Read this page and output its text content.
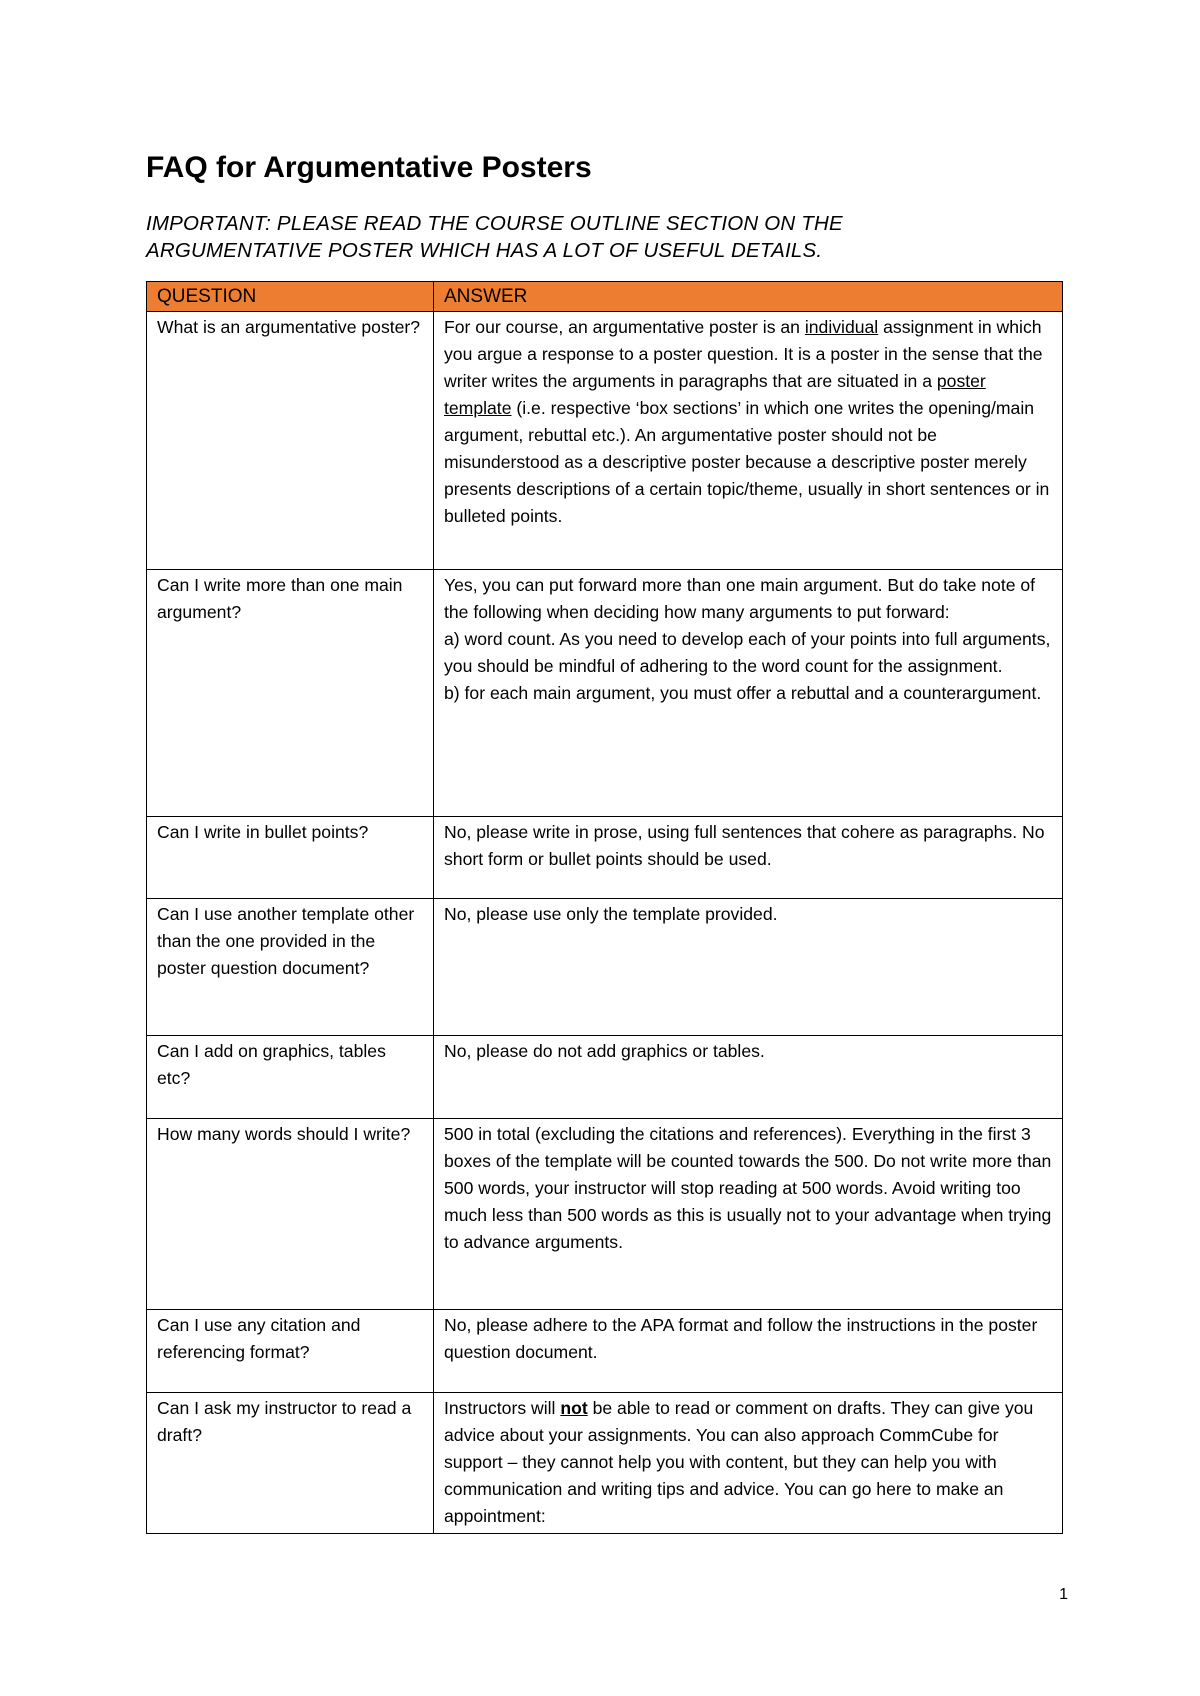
FAQ for Argumentative Posters

IMPORTANT: PLEASE READ THE COURSE OUTLINE SECTION ON THE
ARGUMENTATIVE POSTER WHICH HAS A LOT OF USEFUL DETAILS.

QUESTION	ANSWER
What is an argumentative poster?	For our course, an argumentative poster is an individual assignment in which you argue a response to a poster question. It is a poster in the sense that the writer writes the arguments in paragraphs that are situated in a poster template (i.e. respective ‘box sections’ in which one writes the opening/main argument, rebuttal etc.). An argumentative poster should not be misunderstood as a descriptive poster because a descriptive poster merely presents descriptions of a certain topic/theme, usually in short sentences or in bulleted points.
Can I write more than one main argument?	Yes, you can put forward more than one main argument. But do take note of the following when deciding how many arguments to put forward:
a) word count. As you need to develop each of your points into full arguments, you should be mindful of adhering to the word count for the assignment.
b) for each main argument, you must offer a rebuttal and a counterargument.

Can I write in bullet points?	No, please write in prose, using full sentences that cohere as paragraphs. No short form or bullet points should be used.
Can I use another template other than the one provided in the poster question document?	No, please use only the template provided.
Can I add on graphics, tables etc?	No, please do not add graphics or tables.
How many words should I write?	500 in total (excluding the citations and references). Everything in the first 3 boxes of the template will be counted towards the 500. Do not write more than 500 words, your instructor will stop reading at 500 words. Avoid writing too much less than 500 words as this is usually not to your advantage when trying to advance arguments.
Can I use any citation and referencing format?	No, please adhere to the APA format and follow the instructions in the poster question document.
Can I ask my instructor to read a draft?	Instructors will not be able to read or comment on drafts. They can give you advice about your assignments. You can also approach CommCube for support – they cannot help you with content, but they can help you with communication and writing tips and advice. You can go here to make an appointment:
1
